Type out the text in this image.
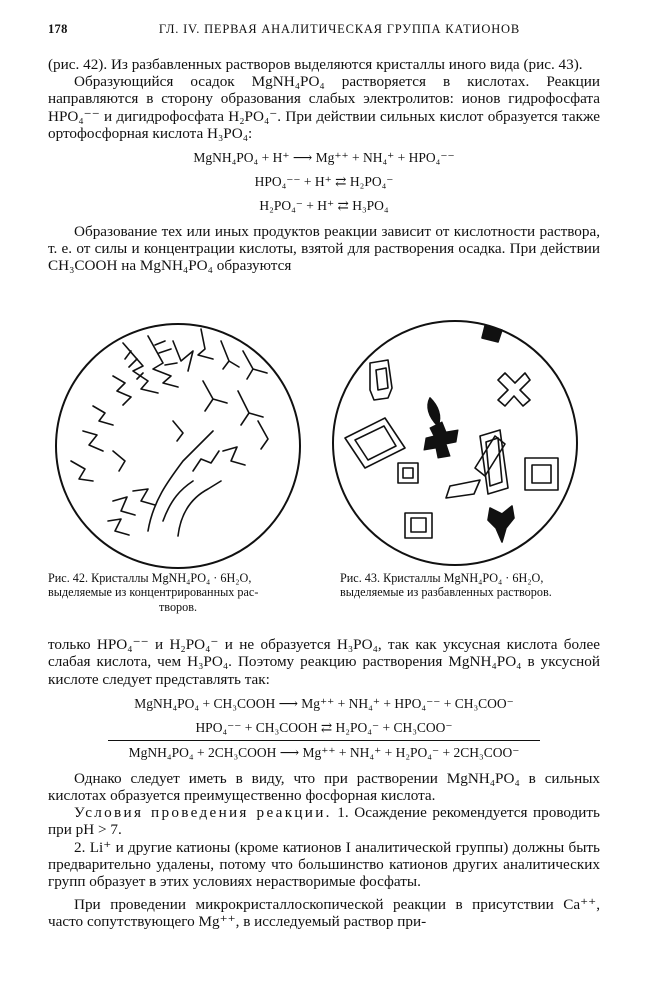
178	ГЛ. IV. ПЕРВАЯ АНАЛИТИЧЕСКАЯ ГРУППА КАТИОНОВ

(рис. 42). Из разбавленных растворов выделяются кристаллы иного вида (рис. 43).

Образующийся осадок MgNH₄PO₄ растворяется в кислотах. Реакции направляются в сторону образования слабых электролитов: ионов гидрофосфата HPO₄⁻⁻ и дигидрофосфата H₂PO₄⁻. При действии сильных кислот образуется также ортофосфорная кислота H₃PO₄:

MgNH₄PO₄ + H⁺ ⟶ Mg⁺⁺ + NH₄⁺ + HPO₄⁻⁻
HPO₄⁻⁻ + H⁺ ⇄ H₂PO₄⁻
H₂PO₄⁻ + H⁺ ⇄ H₃PO₄

Образование тех или иных продуктов реакции зависит от кислотности раствора, т. е. от силы и концентрации кислоты, взятой для растворения осадка. При действии CH₃COOH на MgNH₄PO₄ образуются

Рис. 42. Кристаллы MgNH₄PO₄ · 6H₂O,
выделяемые из концентрированных рас-
творов.
Рис. 43. Кристаллы MgNH₄PO₄ · 6H₂O,
выделяемые из разбавленных растворов.

только HPO₄⁻⁻ и H₂PO₄⁻ и не образуется H₃PO₄, так как уксусная кислота более слабая кислота, чем H₃PO₄. Поэтому реакцию растворения MgNH₄PO₄ в уксусной кислоте следует представлять так:

MgNH₄PO₄ + CH₃COOH ⟶ Mg⁺⁺ + NH₄⁺ + HPO₄⁻⁻ + CH₃COO⁻
HPO₄⁻⁻ + CH₃COOH ⇄ H₂PO₄⁻ + CH₃COO⁻
MgNH₄PO₄ + 2CH₃COOH ⟶ Mg⁺⁺ + NH₄⁺ + H₂PO₄⁻ + 2CH₃COO⁻

Однако следует иметь в виду, что при растворении MgNH₄PO₄ в сильных кислотах образуется преимущественно фосфорная кислота.

Условия проведения реакции. 1. Осаждение рекомендуется проводить при pH > 7.

2. Li⁺ и другие катионы (кроме катионов I аналитической группы) должны быть предварительно удалены, потому что большинство катионов других аналитических групп образует в этих условиях нерастворимые фосфаты.

При проведении микрокристаллоскопической реакции в присутствии Ca⁺⁺, часто сопутствующего Mg⁺⁺, в исследуемый раствор при-
